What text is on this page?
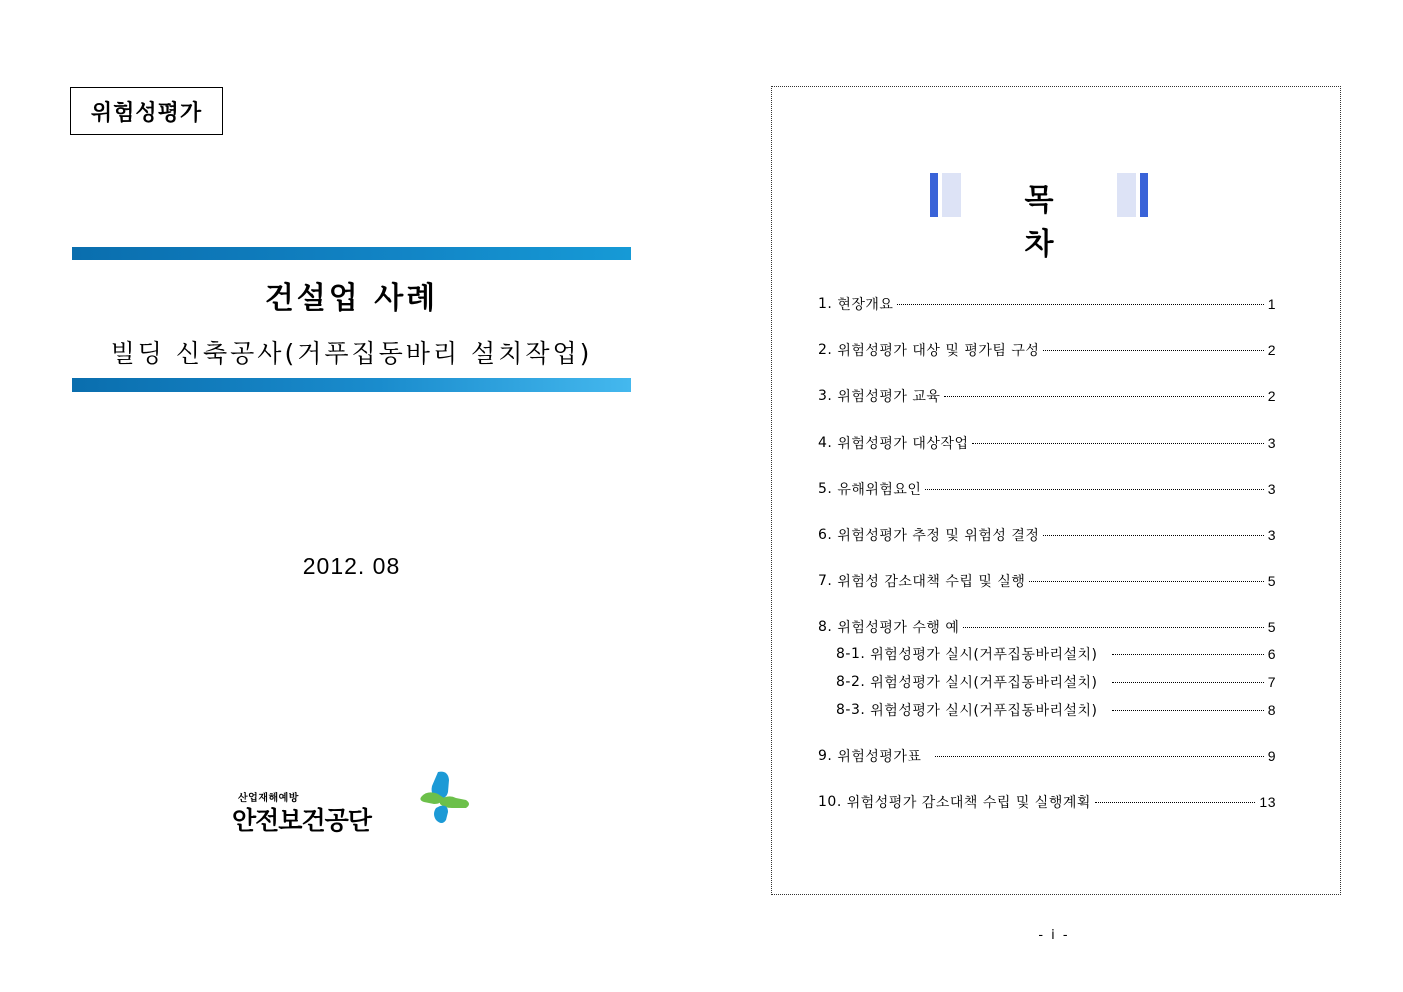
위험성평가
건설업 사례
빌딩 신축공사(거푸집동바리 설치작업)
2012. 08
산업재해예방
안전보건공단
목 차
1. 현장개요	1
2. 위험성평가 대상 및 평가팀 구성	2
3. 위험성평가 교육	2
4. 위험성평가 대상작업	3
5. 유해위험요인	3
6. 위험성평가 추정 및 위험성 결정	3
7. 위험성 감소대책 수립 및 실행	5
8. 위험성평가 수행 예	5
8-1. 위험성평가 실시(거푸집동바리설치)	6
8-2. 위험성평가 실시(거푸집동바리설치)	7
8-3. 위험성평가 실시(거푸집동바리설치)	8
9. 위험성평가표	9
10. 위험성평가 감소대책 수립 및 실행계획	13
- i -
